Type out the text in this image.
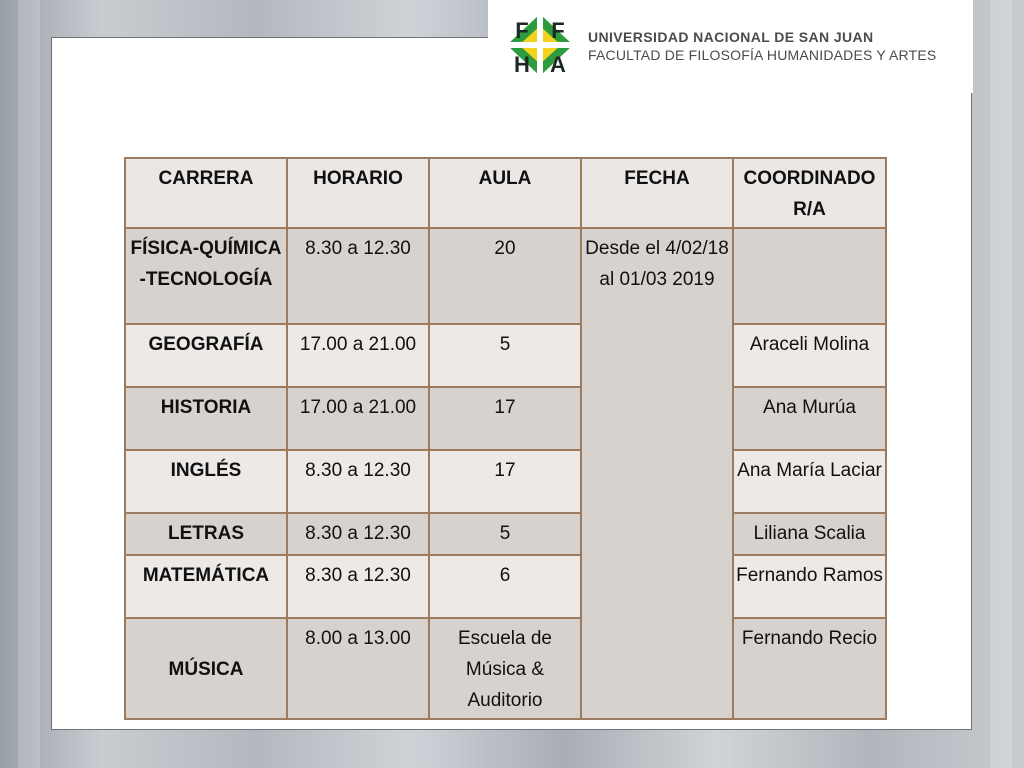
F F
H A
UNIVERSIDAD NACIONAL DE SAN JUAN
FACULTAD DE FILOSOFÍA HUMANIDADES Y ARTES
CARRERA	HORARIO	AULA	FECHA	COORDINADOR/A
FÍSICA-QUÍMICA-TECNOLOGÍA	8.30 a 12.30	20	Desde el 4/02/18 al 01/03 2019	
GEOGRAFÍA	17.00 a 21.00	5		Araceli Molina
HISTORIA	17.00 a 21.00	17		Ana Murúa
INGLÉS	8.30 a 12.30	17		Ana María Laciar
LETRAS	8.30 a 12.30	5		Liliana Scalia
MATEMÁTICA	8.30 a 12.30	6		Fernando Ramos
MÚSICA	8.00 a 13.00	Escuela de Música & Auditorio		Fernando Recio
